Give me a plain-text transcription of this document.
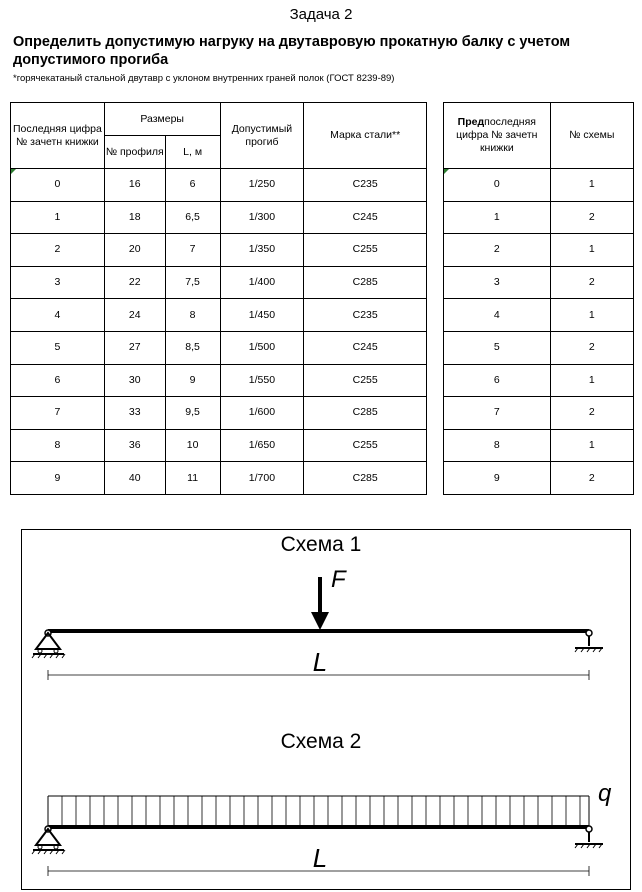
Задача 2
Определить допустимую нагруку на двутавровую прокатную балку с учетом допустимого прогиба
*горячекатаный стальной двутавр с уклоном внутренних граней полок (ГОСТ 8239-89)
Последняя цифра № зачетн книжки	Размеры		Допустимый прогиб	Марка стали**
	№ профиля	L, м		
0	16	6	1/250	С235
1	18	6,5	1/300	С245
2	20	7	1/350	С255
3	22	7,5	1/400	С285
4	24	8	1/450	С235
5	27	8,5	1/500	С245
6	30	9	1/550	С255
7	33	9,5	1/600	С285
8	36	10	1/650	С255
9	40	11	1/700	С285
Предпоследняя цифра № зачетн книжки	№ схемы
0	1
1	2
2	1
3	2
4	1
5	2
6	1
7	2
8	1
9	2
Схема 1
F
L
Схема 2
q
L
